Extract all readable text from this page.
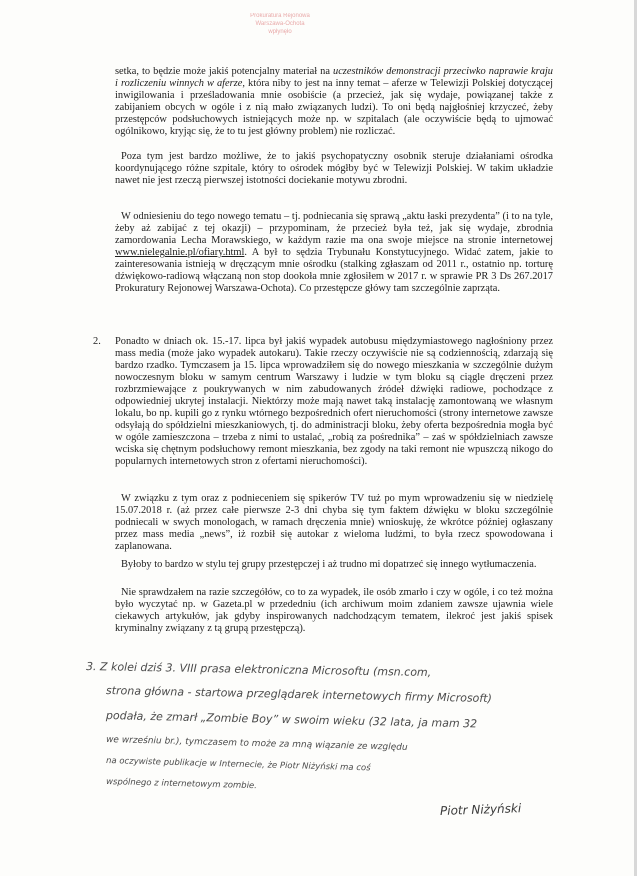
Prokuratura Rejonowa
Warszawa-Ochota
wpłynęło

setka, to będzie może jakiś potencjalny materiał na uczestników demonstracji przeciwko naprawie kraju i rozliczeniu winnych w aferze, która niby to jest na inny temat – aferze w Telewizji Polskiej dotyczącej inwigilowania i prześladowania mnie osobiście (a przecież, jak się wydaje, powiązanej także z zabijaniem obcych w ogóle i z nią mało związanych ludzi). To oni będą najgłośniej krzyczeć, żeby przestępców podsłuchowych istniejących może np. w szpitalach (ale oczywiście będą to ujmować ogólnikowo, kryjąc się, że to tu jest główny problem) nie rozliczać.

Poza tym jest bardzo możliwe, że to jakiś psychopatyczny osobnik steruje działaniami ośrodka koordynującego różne szpitale, który to ośrodek mógłby być w Telewizji Polskiej. W takim układzie nawet nie jest rzeczą pierwszej istotności dociekanie motywu zbrodni.

W odniesieniu do tego nowego tematu – tj. podniecania się sprawą „aktu łaski prezydenta” (i to na tyle, żeby aż zabijać z tej okazji) – przypominam, że przecież była też, jak się wydaje, zbrodnia zamordowania Lecha Morawskiego, w każdym razie ma ona swoje miejsce na stronie internetowej www.nielegalnie.pl/ofiary.html. A był to sędzia Trybunału Konstytucyjnego. Widać zatem, jakie to zainteresowania istnieją w dręczącym mnie ośrodku (stalking zgłaszam od 2011 r., ostatnio np. torturę dźwiękowo-radiową włączaną non stop dookoła mnie zgłosiłem w 2017 r. w sprawie PR 3 Ds 267.2017 Prokuratury Rejonowej Warszawa-Ochota). Co przestępcze główy tam szczególnie zaprząta.

2. Ponadto w dniach ok. 15.-17. lipca był jakiś wypadek autobusu międzymiastowego nagłośniony przez mass media (może jako wypadek autokaru). Takie rzeczy oczywiście nie są codziennością, zdarzają się bardzo rzadko. Tymczasem ja 15. lipca wprowadziłem się do nowego mieszkania w szczególnie dużym nowoczesnym bloku w samym centrum Warszawy i ludzie w tym bloku są ciągle dręczeni przez rozbrzmiewające z poukrywanych w nim zabudowanych źródeł dźwięki radiowe, pochodzące z odpowiedniej ukrytej instalacji. Niektórzy może mają nawet taką instalację zamontowaną we własnym lokalu, bo np. kupili go z rynku wtórnego bezpośrednich ofert nieruchomości (strony internetowe zawsze odsyłają do spółdzielni mieszkaniowych, tj. do administracji bloku, żeby oferta bezpośrednia mogła być w ogóle zamieszczona – trzeba z nimi to ustalać, „robią za pośrednika” – zaś w spółdzielniach zawsze wciska się chętnym podsłuchowy remont mieszkania, bez zgody na taki remont nie wpuszczą nikogo do popularnych internetowych stron z ofertami nieruchomości).

W związku z tym oraz z podnieceniem się spikerów TV tuż po mym wprowadzeniu się w niedzielę 15.07.2018 r. (aż przez całe pierwsze 2-3 dni chyba się tym faktem dźwięku w bloku szczególnie podniecali w swych monologach, w ramach dręczenia mnie) wnioskuję, że wkrótce później ogłaszany przez mass media „news”, iż rozbił się autokar z wieloma ludźmi, to była rzecz spowodowana i zaplanowana.

Byłoby to bardzo w stylu tej grupy przestępczej i aż trudno mi dopatrzeć się innego wytłumaczenia.

Nie sprawdzałem na razie szczegółów, co to za wypadek, ile osób zmarło i czy w ogóle, i co też można było wyczytać np. w Gazeta.pl w przededniu (ich archiwum moim zdaniem zawsze ujawnia wiele ciekawych artykułów, jak gdyby inspirowanych nadchodzącym tematem, ilekroć jest jakiś spisek kryminalny związany z tą grupą przestępczą).

3. Z kolei dziś 3. VIII prasa elektroniczna Microsoftu (msn.com,

strona główna - startowa przeglądarek internetowych firmy Microsoft)

podała, że zmarł „Zombie Boy” w swoim wieku (32 lata, ja mam 32

we wrześniu br.), tymczasem to może za mną wiązanie ze względu

na oczywiste publikacje w Internecie, że Piotr Niżyński ma coś

wspólnego z internetowym zombie.

Piotr Niżyński
